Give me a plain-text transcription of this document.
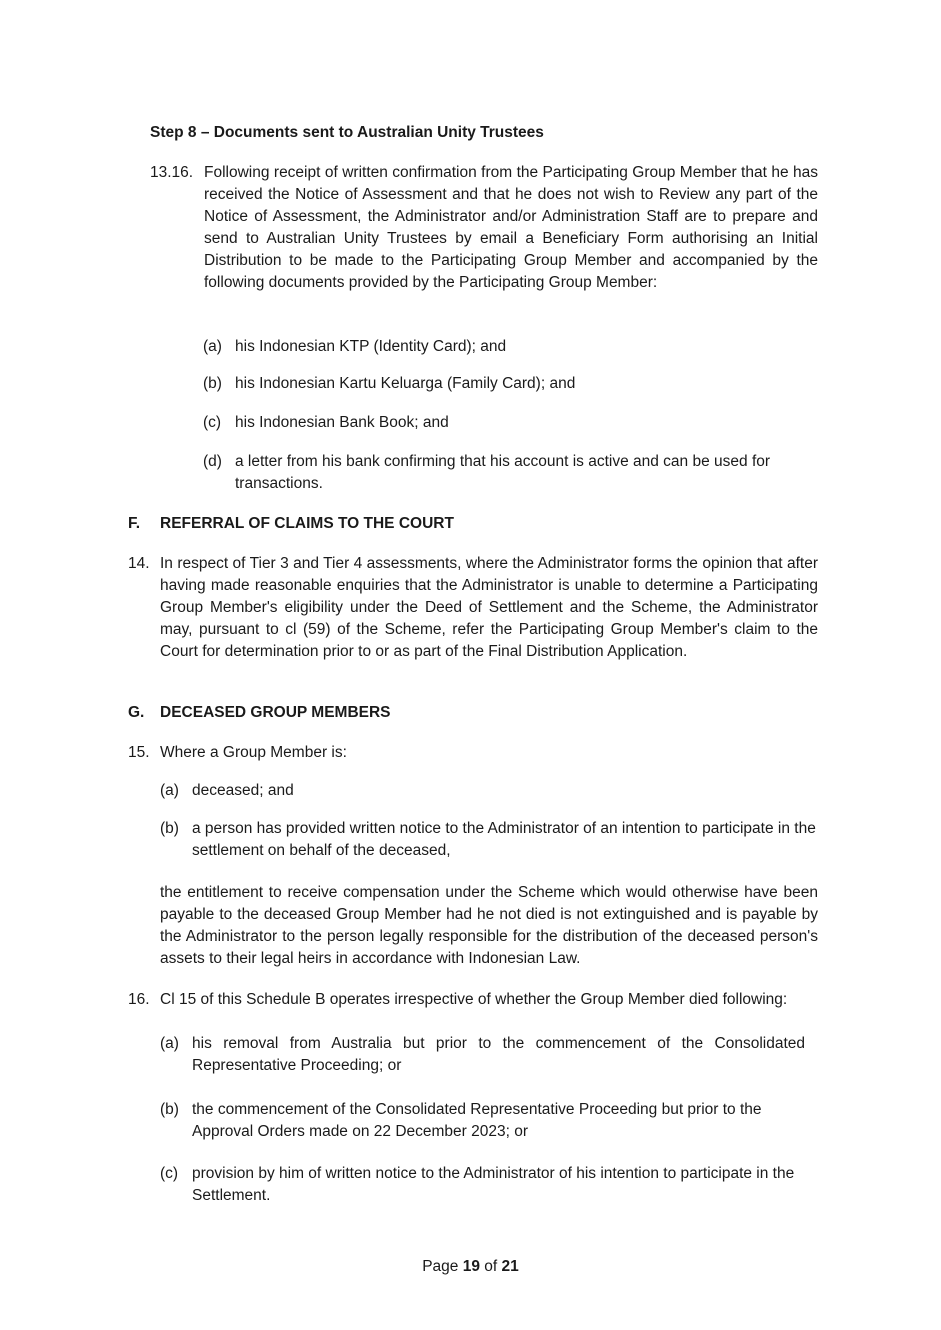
Step 8 – Documents sent to Australian Unity Trustees
13.16. Following receipt of written confirmation from the Participating Group Member that he has received the Notice of Assessment and that he does not wish to Review any part of the Notice of Assessment, the Administrator and/or Administration Staff are to prepare and send to Australian Unity Trustees by email a Beneficiary Form authorising an Initial Distribution to be made to the Participating Group Member and accompanied by the following documents provided by the Participating Group Member:
(a) his Indonesian KTP (Identity Card); and
(b) his Indonesian Kartu Keluarga (Family Card); and
(c) his Indonesian Bank Book; and
(d) a letter from his bank confirming that his account is active and can be used for transactions.
F. REFERRAL OF CLAIMS TO THE COURT
14. In respect of Tier 3 and Tier 4 assessments, where the Administrator forms the opinion that after having made reasonable enquiries that the Administrator is unable to determine a Participating Group Member's eligibility under the Deed of Settlement and the Scheme, the Administrator may, pursuant to cl (59) of the Scheme, refer the Participating Group Member's claim to the Court for determination prior to or as part of the Final Distribution Application.
G. DECEASED GROUP MEMBERS
15. Where a Group Member is:
(a) deceased; and
(b) a person has provided written notice to the Administrator of an intention to participate in the settlement on behalf of the deceased,
the entitlement to receive compensation under the Scheme which would otherwise have been payable to the deceased Group Member had he not died is not extinguished and is payable by the Administrator to the person legally responsible for the distribution of the deceased person's assets to their legal heirs in accordance with Indonesian Law.
16. Cl 15 of this Schedule B operates irrespective of whether the Group Member died following:
(a) his removal from Australia but prior to the commencement of the Consolidated Representative Proceeding; or
(b) the commencement of the Consolidated Representative Proceeding but prior to the Approval Orders made on 22 December 2023; or
(c) provision by him of written notice to the Administrator of his intention to participate in the Settlement.
Page 19 of 21
